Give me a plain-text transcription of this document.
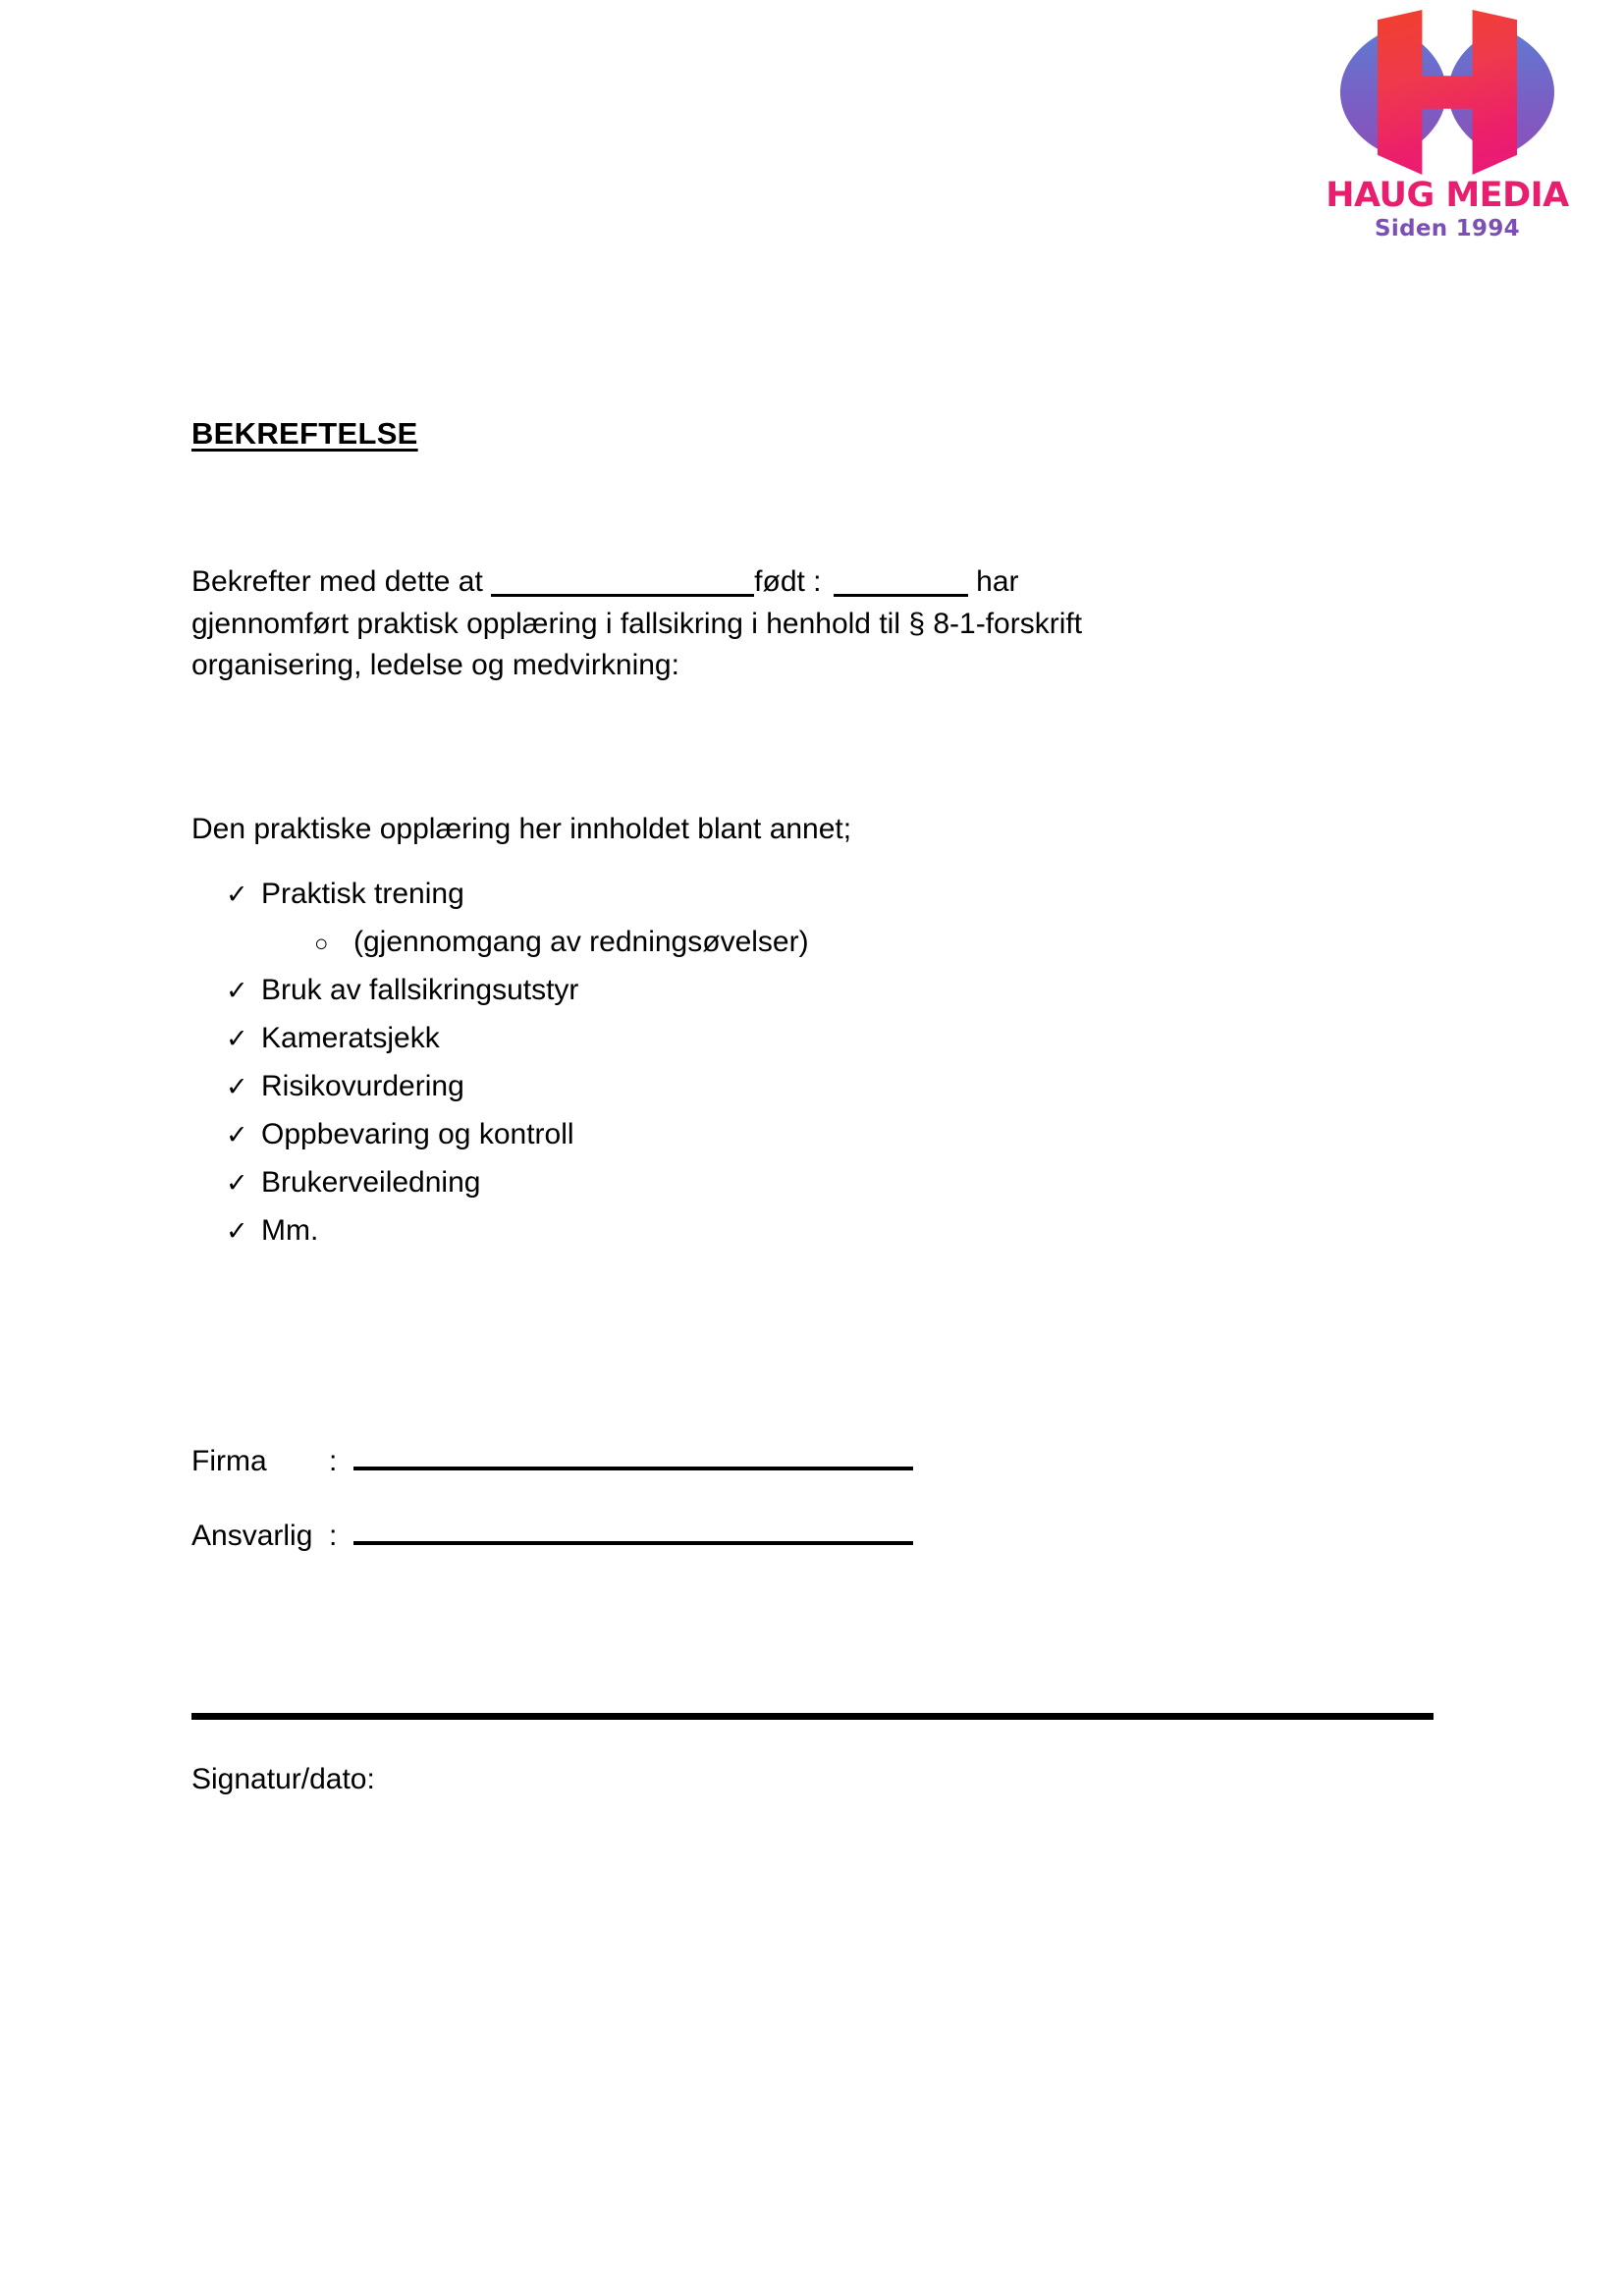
HAUG MEDIA
Siden 1994
BEKREFTELSE
Bekrefter med dette at	født :	har
gjennomført praktisk opplæring i fallsikring i henhold til § 8-1-forskrift
organisering, ledelse og medvirkning:
Den praktiske opplæring her innholdet blant annet;
✓ Praktisk trening
○ (gjennomgang av redningsøvelser)
✓ Bruk av fallsikringsutstyr
✓ Kameratsjekk
✓ Risikovurdering
✓ Oppbevaring og kontroll
✓ Brukerveiledning
✓ Mm.
Firma	:
Ansvarlig :
Signatur/dato:
